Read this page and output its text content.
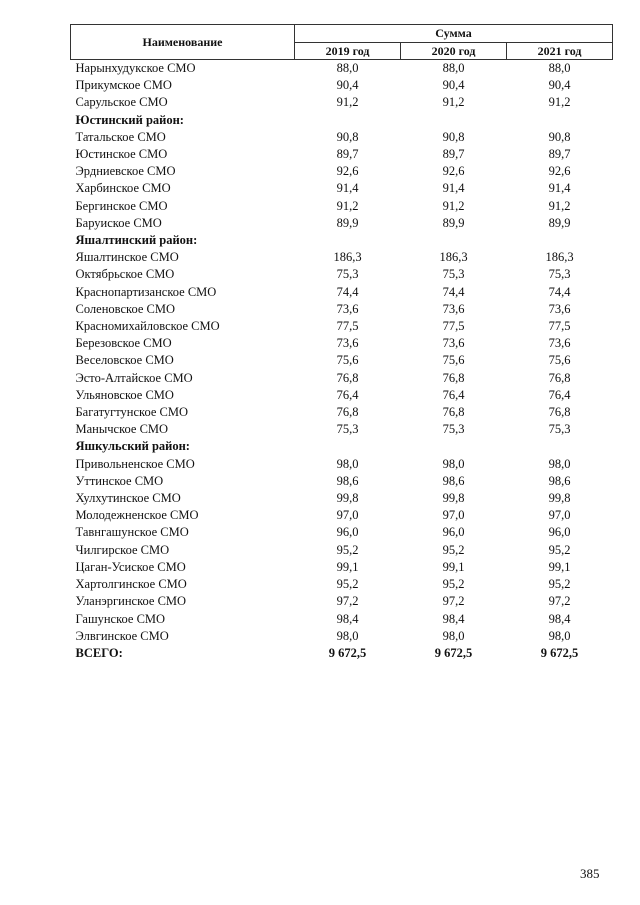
Наименование	Сумма		
	2019 год	2020 год	2021 год
Нарынхудукское СМО	88,0	88,0	88,0
Прикумское СМО	90,4	90,4	90,4
Сарульское СМО	91,2	91,2	91,2
Юстинский район:			
Татальское СМО	90,8	90,8	90,8
Юстинское СМО	89,7	89,7	89,7
Эрдниевское СМО	92,6	92,6	92,6
Харбинское СМО	91,4	91,4	91,4
Бергинское СМО	91,2	91,2	91,2
Баруиское СМО	89,9	89,9	89,9
Яшалтинский район:			
Яшалтинское СМО	186,3	186,3	186,3
Октябрьское СМО	75,3	75,3	75,3
Краснопартизанское СМО	74,4	74,4	74,4
Соленовское СМО	73,6	73,6	73,6
Красномихайловское СМО	77,5	77,5	77,5
Березовское СМО	73,6	73,6	73,6
Веселовское СМО	75,6	75,6	75,6
Эсто-Алтайское СМО	76,8	76,8	76,8
Ульяновское СМО	76,4	76,4	76,4
Багатугтунское СМО	76,8	76,8	76,8
Манычское СМО	75,3	75,3	75,3
Яшкульский район:			
Привольненское СМО	98,0	98,0	98,0
Уттинское СМО	98,6	98,6	98,6
Хулхутинское СМО	99,8	99,8	99,8
Молодежненское СМО	97,0	97,0	97,0
Тавнгашунское СМО	96,0	96,0	96,0
Чилгирское СМО	95,2	95,2	95,2
Цаган-Усиское СМО	99,1	99,1	99,1
Хартолгинское СМО	95,2	95,2	95,2
Уланэргинское СМО	97,2	97,2	97,2
Гашунское СМО	98,4	98,4	98,4
Элвгинское СМО	98,0	98,0	98,0
ВСЕГО:	9 672,5	9 672,5	9 672,5
385
